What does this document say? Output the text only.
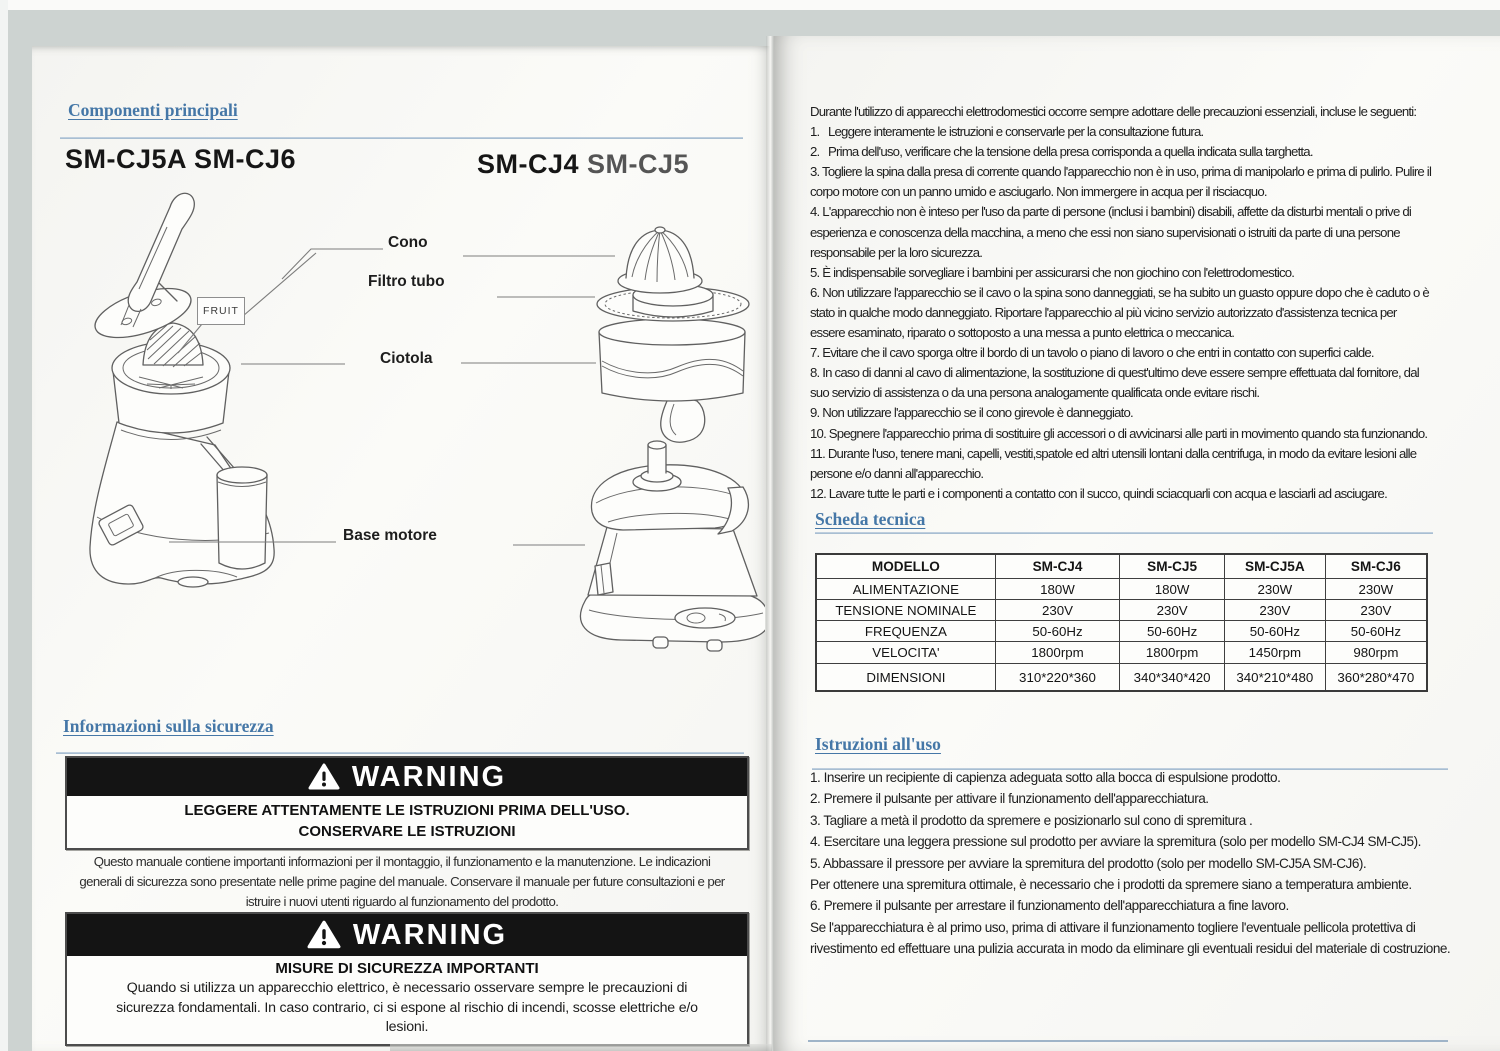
Componenti principali
SM-CJ5A SM-CJ6	SM-CJ4 SM-CJ5
Cono
Filtro tubo
Ciotola
Base motore
FRUIT
Informazioni sulla sicurezza
WARNING
LEGGERE ATTENTAMENTE LE ISTRUZIONI PRIMA DELL'USO.
CONSERVARE LE ISTRUZIONI
Questo manuale contiene importanti informazioni per il montaggio, il funzionamento e la manutenzione. Le indicazioni
generali di sicurezza sono presentate nelle prime pagine del manuale. Conservare il manuale per future consultazioni e per
istruire i nuovi utenti riguardo al funzionamento del prodotto.
WARNING
MISURE DI SICUREZZA IMPORTANTI
Quando si utilizza un apparecchio elettrico, è necessario osservare sempre le precauzioni di
sicurezza fondamentali. In caso contrario, ci si espone al rischio di incendi, scosse elettriche e/o
lesioni.
Durante l'utilizzo di apparecchi elettrodomestici occorre sempre adottare delle precauzioni essenziali, incluse le seguenti:
1.   Leggere interamente le istruzioni e conservarle per la consultazione futura.
2.   Prima dell'uso, verificare che la tensione della presa corrisponda a quella indicata sulla targhetta.
3. Togliere la spina dalla presa di corrente quando l'apparecchio non è in uso, prima di manipolarlo e prima di pulirlo. Pulire il
corpo motore con un panno umido e asciugarlo. Non immergere in acqua per il risciacquo.
4. L'apparecchio non è inteso per l'uso da parte di persone (inclusi i bambini) disabili, affette da disturbi mentali o prive di
esperienza e conoscenza della macchina, a meno che essi non siano supervisionati o istruiti da parte di una persone
responsabile per la loro sicurezza.
5. È indispensabile sorvegliare i bambini per assicurarsi che non giochino con l'elettrodomestico.
6. Non utilizzare l'apparecchio se il cavo o la spina sono danneggiati, se ha subito un guasto oppure dopo che è caduto o è
stato in qualche modo danneggiato. Riportare l'apparecchio al più vicino servizio autorizzato d'assistenza tecnica per
essere esaminato, riparato o sottoposto a una messa a punto elettrica o meccanica.
7. Evitare che il cavo sporga oltre il bordo di un tavolo o piano di lavoro o che entri in contatto con superfici calde.
8. In caso di danni al cavo di alimentazione, la sostituzione di quest'ultimo deve essere sempre effettuata dal fornitore, dal
suo servizio di assistenza o da una persona analogamente qualificata onde evitare rischi.
9. Non utilizzare l'apparecchio se il cono girevole è danneggiato.
10. Spegnere l'apparecchio prima di sostituire gli accessori o di avvicinarsi alle parti in movimento quando sta funzionando.
11. Durante l'uso, tenere mani, capelli, vestiti,spatole ed altri utensili lontani dalla centrifuga, in modo da evitare lesioni alle
persone e/o danni all'apparecchio.
12. Lavare tutte le parti e i componenti a contatto con il succo, quindi sciacquarli con acqua e lasciarli ad asciugare.
Scheda tecnica
MODELLO	SM-CJ4	SM-CJ5	SM-CJ5A	SM-CJ6
ALIMENTAZIONE	180W	180W	230W	230W
TENSIONE NOMINALE	230V	230V	230V	230V
FREQUENZA	50-60Hz	50-60Hz	50-60Hz	50-60Hz
VELOCITA'	1800rpm	1800rpm	1450rpm	980rpm
DIMENSIONI	310*220*360	340*340*420	340*210*480	360*280*470
Istruzioni all'uso
1. Inserire un recipiente di capienza adeguata sotto alla bocca di espulsione prodotto.
2. Premere il pulsante per attivare il funzionamento dell'apparecchiatura.
3. Tagliare a metà il prodotto da spremere e posizionarlo sul cono di spremitura .
4. Esercitare una leggera pressione sul prodotto per avviare la spremitura (solo per modello SM-CJ4 SM-CJ5).
5. Abbassare il pressore per avviare la spremitura del prodotto (solo per modello SM-CJ5A SM-CJ6).
Per ottenere una spremitura ottimale, è necessario che i prodotti da spremere siano a temperatura ambiente.
6. Premere il pulsante per arrestare il funzionamento dell'apparecchiatura a fine lavoro.
Se l'apparecchiatura è al primo uso, prima di attivare il funzionamento togliere l'eventuale pellicola protettiva di
rivestimento ed effettuare una pulizia accurata in modo da eliminare gli eventuali residui del materiale di costruzione.
